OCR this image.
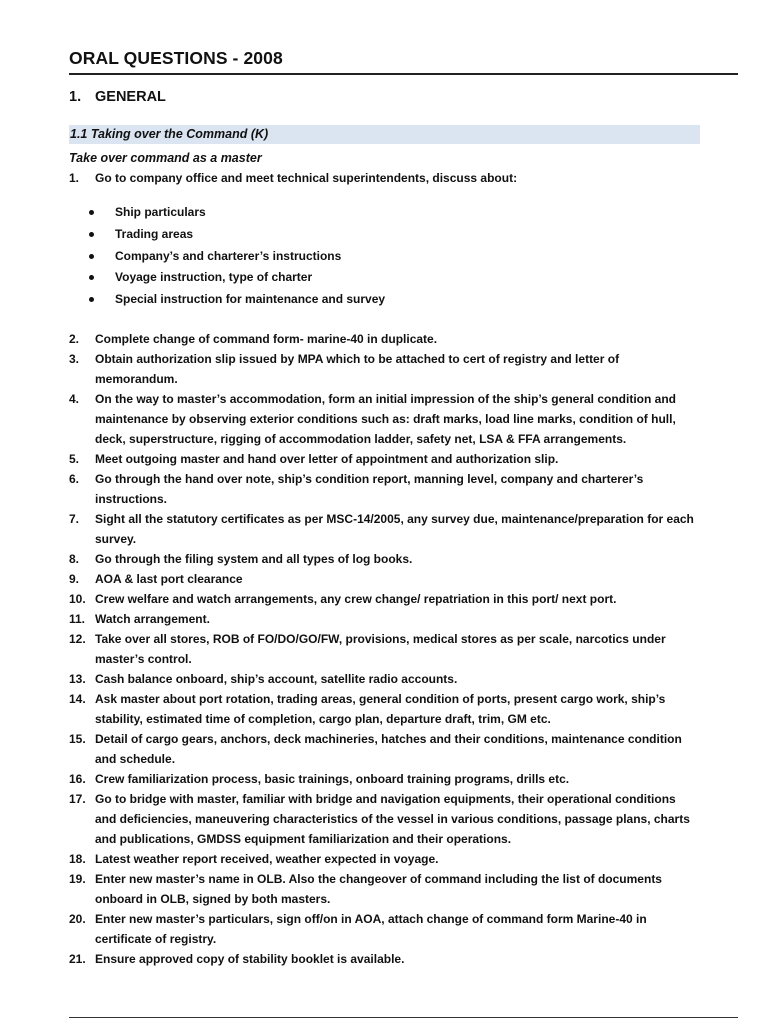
ORAL QUESTIONS - 2008
1. GENERAL
1.1 Taking over the Command (K)
Take over command as a master
1. Go to company office and meet technical superintendents, discuss about:
Ship particulars
Trading areas
Company’s and charterer’s instructions
Voyage instruction, type of charter
Special instruction for maintenance and survey
2. Complete change of command form- marine-40 in duplicate.
3. Obtain authorization slip issued by MPA which to be attached to cert of registry and letter of memorandum.
4. On the way to master’s accommodation, form an initial impression of the ship’s general condition and maintenance by observing exterior conditions such as: draft marks, load line marks, condition of hull, deck, superstructure, rigging of accommodation ladder, safety net, LSA & FFA arrangements.
5. Meet outgoing master and hand over letter of appointment and authorization slip.
6. Go through the hand over note, ship’s condition report, manning level, company and charterer’s instructions.
7. Sight all the statutory certificates as per MSC-14/2005, any survey due, maintenance/preparation for each survey.
8. Go through the filing system and all types of log books.
9. AOA & last port clearance
10. Crew welfare and watch arrangements, any crew change/ repatriation in this port/ next port.
11. Watch arrangement.
12. Take over all stores, ROB of FO/DO/GO/FW, provisions, medical stores as per scale, narcotics under master’s control.
13. Cash balance onboard, ship’s account, satellite radio accounts.
14. Ask master about port rotation, trading areas, general condition of ports, present cargo work, ship’s stability, estimated time of completion, cargo plan, departure draft, trim, GM etc.
15. Detail of cargo gears, anchors, deck machineries, hatches and their conditions, maintenance condition and schedule.
16. Crew familiarization process, basic trainings, onboard training programs, drills etc.
17. Go to bridge with master, familiar with bridge and navigation equipments, their operational conditions and deficiencies, maneuvering characteristics of the vessel in various conditions, passage plans, charts and publications, GMDSS equipment familiarization and their operations.
18. Latest weather report received, weather expected in voyage.
19. Enter new master’s name in OLB. Also the changeover of command including the list of documents onboard in OLB, signed by both masters.
20. Enter new master’s particulars, sign off/on in AOA, attach change of command form Marine-40 in certificate of registry.
21. Ensure approved copy of stability booklet is available.
